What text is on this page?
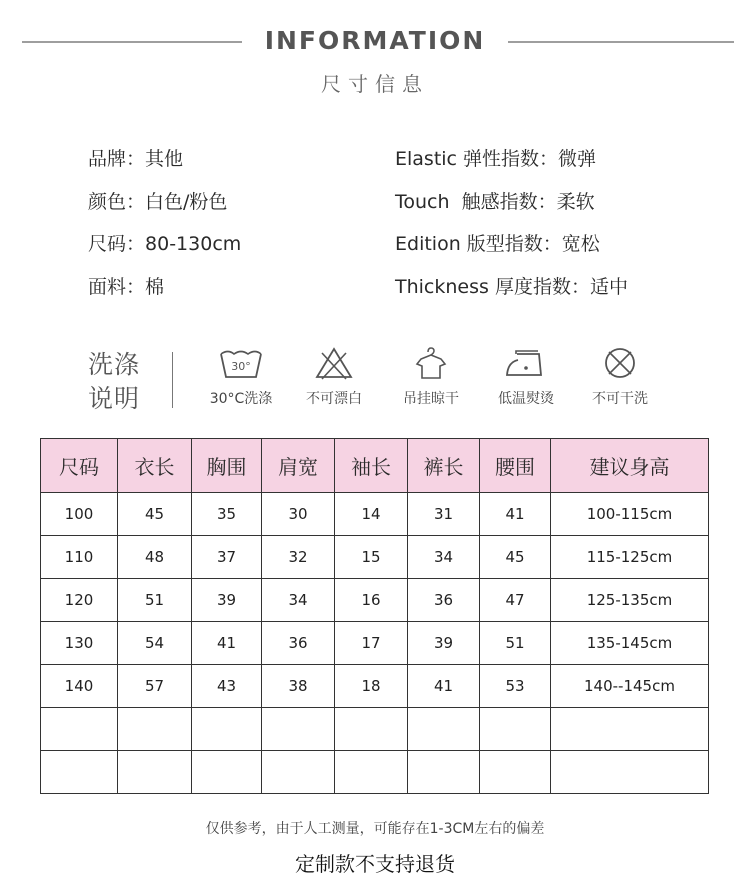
INFORMATION
尺寸信息
品牌：其他
颜色：白色/粉色
尺码：80-130cm
面料：棉
Elastic 弹性指数：微弹
Touch  触感指数：柔软
Edition 版型指数：宽松
Thickness 厚度指数：适中
洗涤
说明
30°
30°C洗涤	不可漂白	吊挂晾干	低温熨烫	不可干洗
尺码	衣长	胸围	肩宽	袖长	裤长	腰围	建议身高
100	45	35	30	14	31	41	100-115cm
110	48	37	32	15	34	45	115-125cm
120	51	39	34	16	36	47	125-135cm
130	54	41	36	17	39	51	135-145cm
140	57	43	38	18	41	53	140--145cm

仅供参考，由于人工测量，可能存在1-3CM左右的偏差
定制款不支持退货
